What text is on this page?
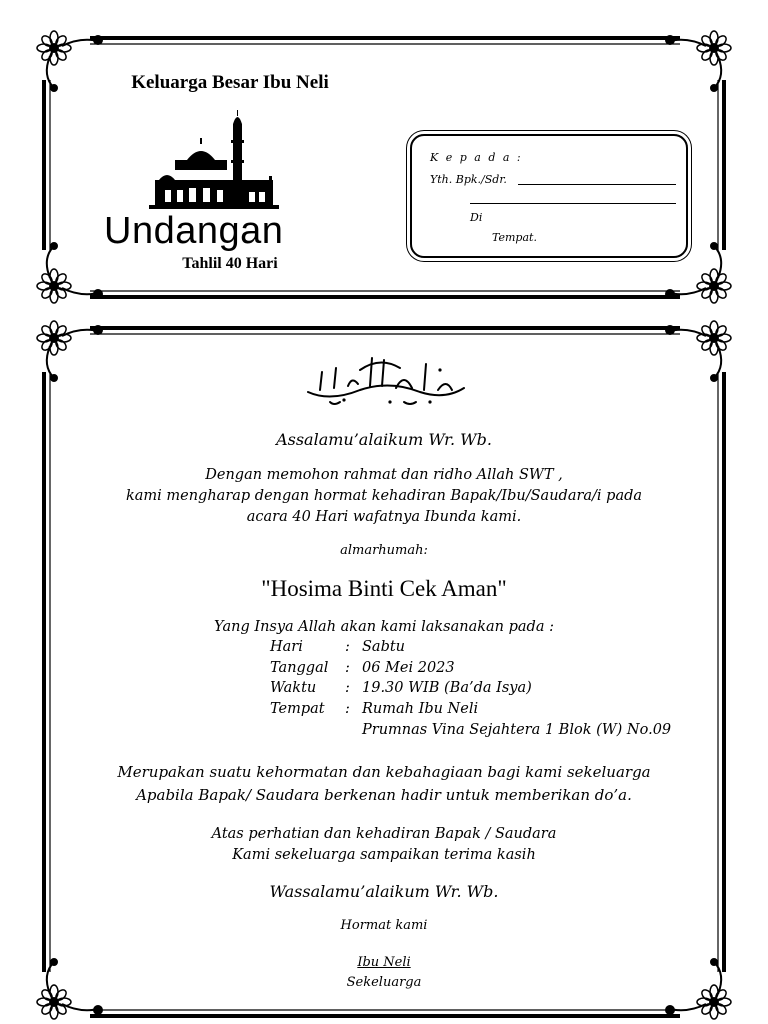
Keluarga Besar Ibu Neli
Undangan
Tahlil 40 Hari
K e p a d a :
Yth. Bpk./Sdr.
Di
Tempat.
Assalamu’alaikum Wr. Wb.
Dengan memohon rahmat dan ridho Allah SWT ,
kami mengharap dengan hormat kehadiran Bapak/Ibu/Saudara/i pada
acara 40 Hari wafatnya Ibunda kami.
almarhumah:
"Hosima Binti Cek Aman"
Yang Insya Allah akan kami laksanakan pada :
Hari	: Sabtu
Tanggal : 06 Mei 2023
Waktu : 19.30 WIB (Ba’da Isya)
Tempat : Rumah Ibu Neli
Prumnas Vina Sejahtera 1 Blok (W) No.09
Merupakan suatu kehormatan dan kebahagiaan bagi kami sekeluarga
Apabila Bapak/ Saudara berkenan hadir untuk memberikan do’a.
Atas perhatian dan kehadiran Bapak / Saudara
Kami sekeluarga sampaikan terima kasih
Wassalamu’alaikum Wr. Wb.
Hormat kami
Ibu Neli
Sekeluarga
